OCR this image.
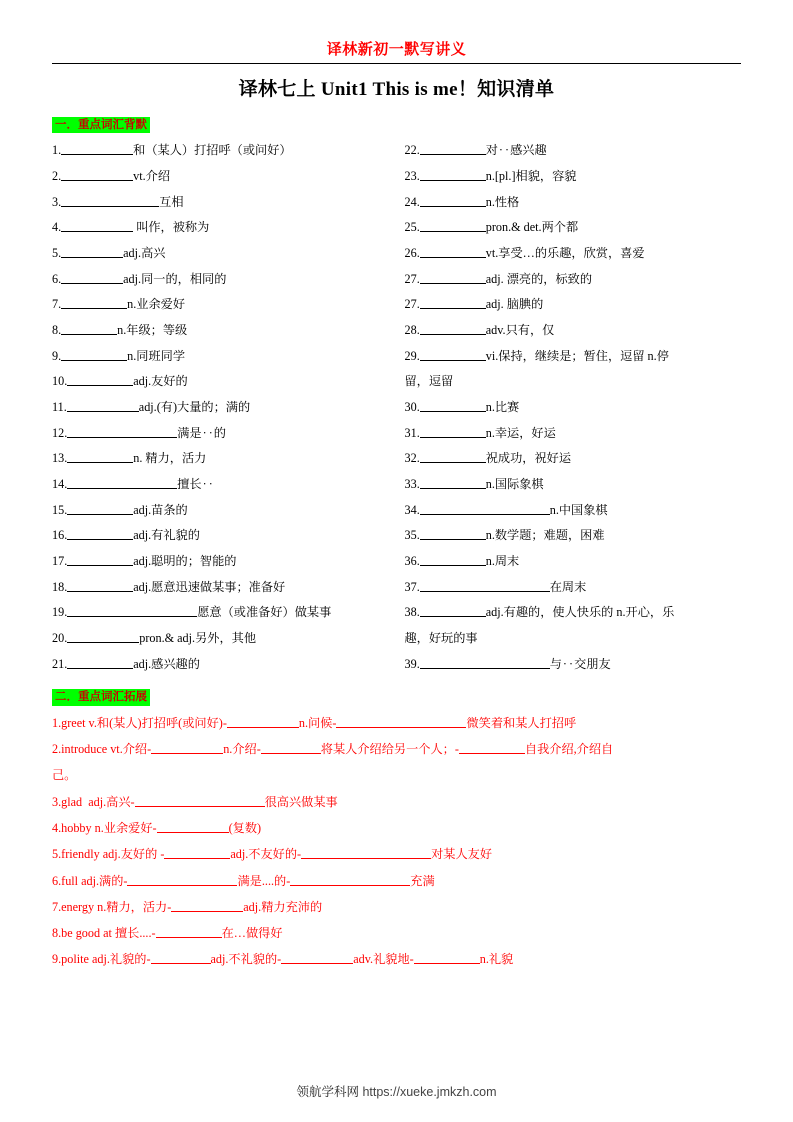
译林新初一默写讲义
译林七上 Unit1 This is me！知识清单
一．重点词汇背默
1.	和（某人）打招呼（或问好）
2.	vt.介绍
3.	互相
4.	叫作，被称为
5.	adj.高兴
6.	adj.同一的，相同的
7.	n.业余爱好
8.	n.年级；等级
9.	n.同班同学
10.	adj.友好的
11.	adj.(有)大量的；满的
12.	满是‥的
13.	n. 精力，活力
14.	擅长‥
15.	adj.苗条的
16.	adj.有礼貌的
17.	adj.聪明的；智能的
18.	adj.愿意迅速做某事；准备好
19.	愿意（或准备好）做某事
20.	pron.& adj.另外，其他
21.	adj.感兴趣的
22.	对‥感兴趣
23.	n.[pl.]相貌，容貌
24.	n.性格
25.	pron.& det.两个都
26.	vt.享受…的乐趣，欣赏，喜爱
27.	adj. 漂亮的，标致的
27.	adj. 脑腆的
28.	adv.只有，仅
29.	vi.保持，继续是；暂住，逗留 n.停
留，逗留
30.	n.比赛
31.	n.幸运，好运
32.	祝成功，祝好运
33.	n.国际象棋
34.	n.中国象棋
35.	n.数学题；难题，困难
36.	n.周末
37.	在周末
38.	adj.有趣的，使人快乐的 n.开心，乐
趣，好玩的事
39.	与‥交朋友
二．重点词汇拓展
1.greet v.和(某人)打招呼(或问好)-	n.问候-	微笑着和某人打招呼
2.introduce vt.介绍-	n.介绍-	将某人介绍给另一个人；-	自我介绍,介绍自
己。
3.glad  adj.高兴-	很高兴做某事
4.hobby n.业余爱好-	(复数)
5.friendly adj.友好的 -	adj.不友好的-	对某人友好
6.full adj.满的-	满是....的-	充满
7.energy n.精力，活力-	adj.精力充沛的
8.be good at 擅长....-	在…做得好
9.polite adj.礼貌的-	adj.不礼貌的-	adv.礼貌地-	n.礼貌
领航学科网 https://xueke.jmkzh.com
